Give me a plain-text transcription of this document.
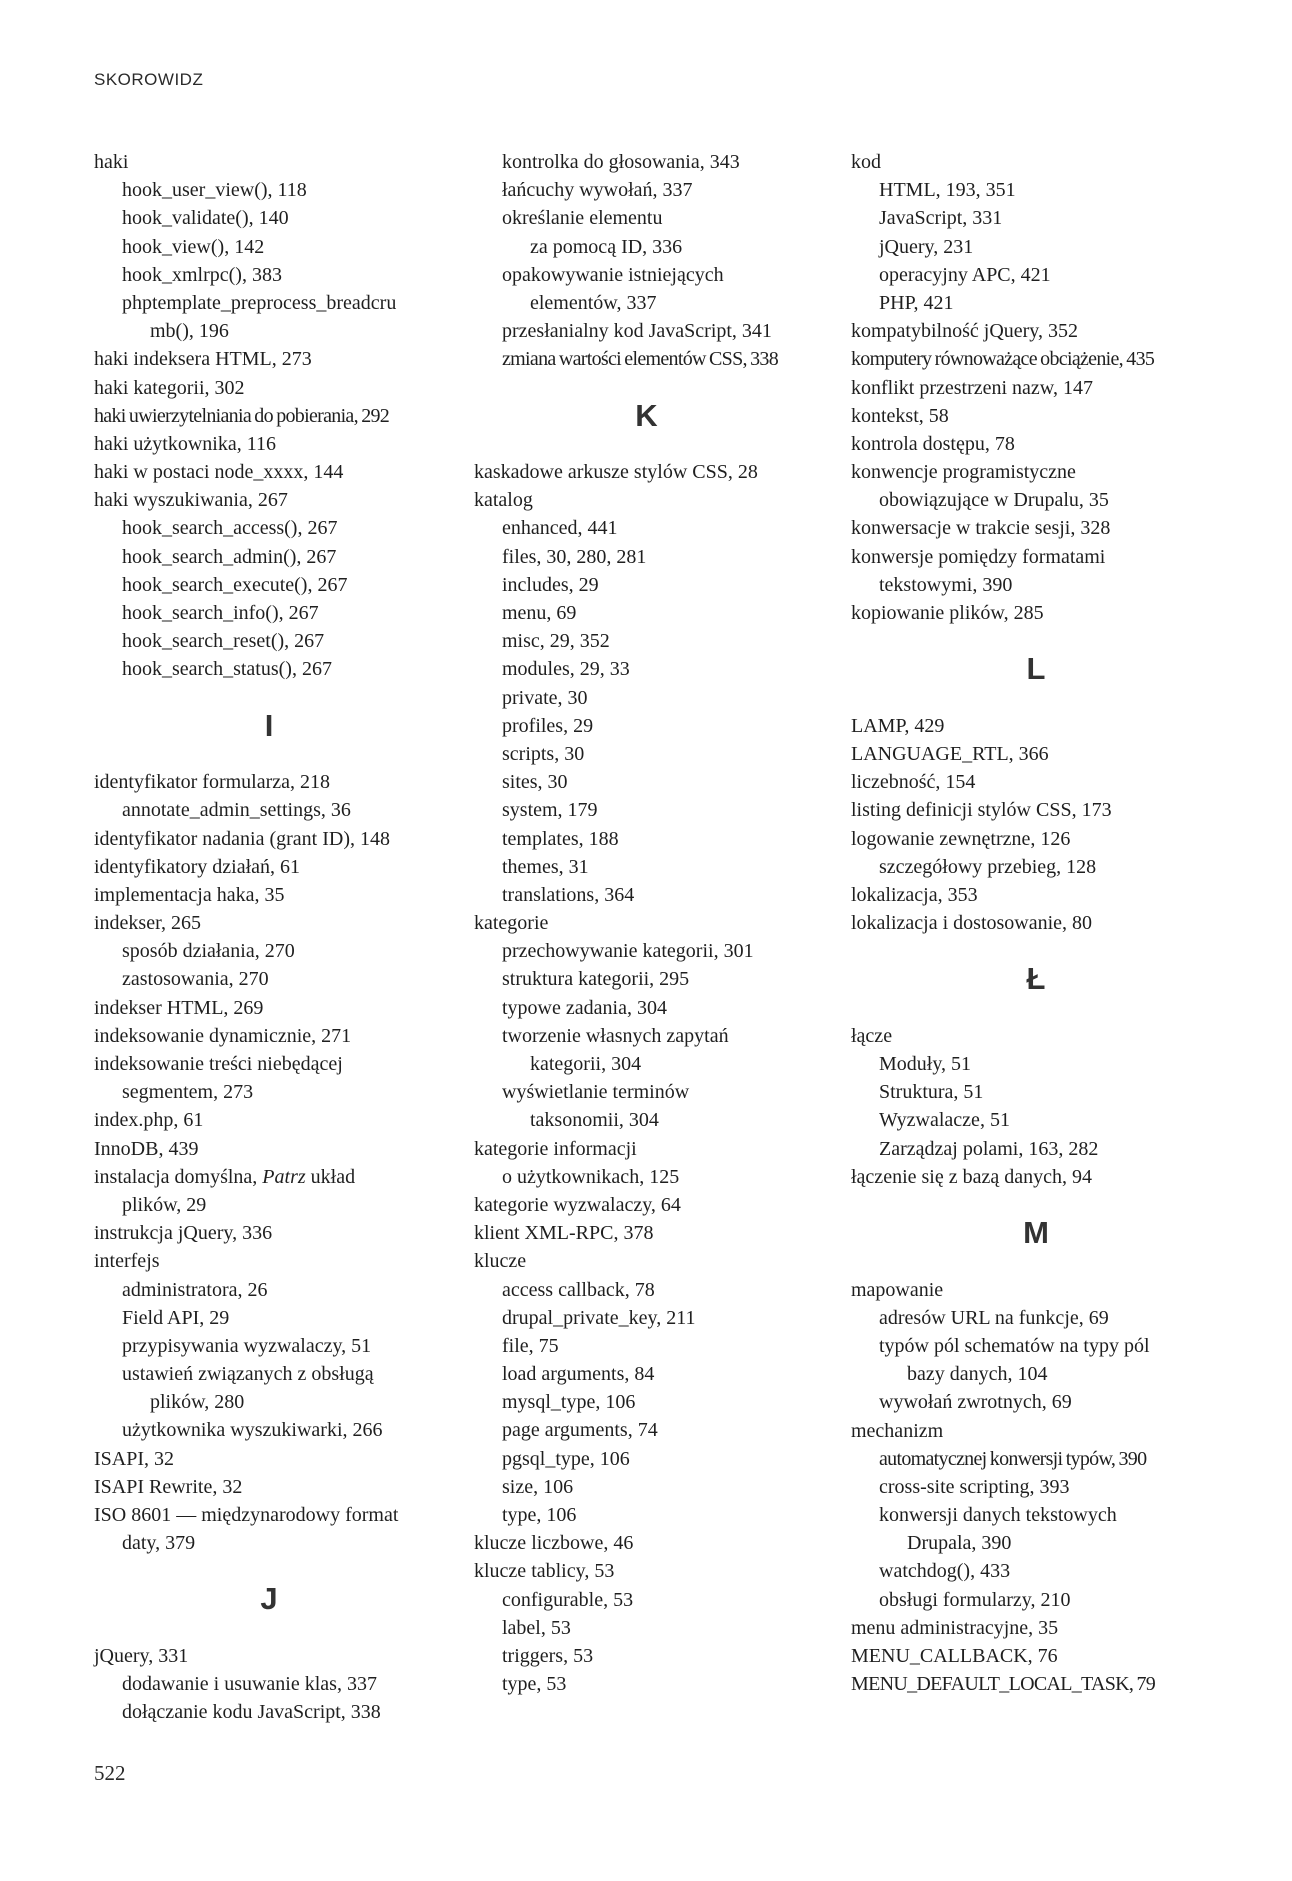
SKOROWIDZ
haki
hook_user_view(), 118
hook_validate(), 140
hook_view(), 142
hook_xmlrpc(), 383
phptemplate_preprocess_breadcru
mb(), 196
haki indeksera HTML, 273
haki kategorii, 302
haki uwierzytelniania do pobierania, 292
haki użytkownika, 116
haki w postaci node_xxxx, 144
haki wyszukiwania, 267
hook_search_access(), 267
hook_search_admin(), 267
hook_search_execute(), 267
hook_search_info(), 267
hook_search_reset(), 267
hook_search_status(), 267
I
identyfikator formularza, 218
annotate_admin_settings, 36
identyfikator nadania (grant ID), 148
identyfikatory działań, 61
implementacja haka, 35
indekser, 265
sposób działania, 270
zastosowania, 270
indekser HTML, 269
indeksowanie dynamicznie, 271
indeksowanie treści niebędącej
segmentem, 273
index.php, 61
InnoDB, 439
instalacja domyślna, Patrz układ
plików, 29
instrukcja jQuery, 336
interfejs
administratora, 26
Field API, 29
przypisywania wyzwalaczy, 51
ustawień związanych z obsługą
plików, 280
użytkownika wyszukiwarki, 266
ISAPI, 32
ISAPI Rewrite, 32
ISO 8601 — międzynarodowy format
daty, 379
J
jQuery, 331
dodawanie i usuwanie klas, 337
dołączanie kodu JavaScript, 338
kontrolka do głosowania, 343
łańcuchy wywołań, 337
określanie elementu
za pomocą ID, 336
opakowywanie istniejących
elementów, 337
przesłanialny kod JavaScript, 341
zmiana wartości elementów CSS, 338
K
kaskadowe arkusze stylów CSS, 28
katalog
enhanced, 441
files, 30, 280, 281
includes, 29
menu, 69
misc, 29, 352
modules, 29, 33
private, 30
profiles, 29
scripts, 30
sites, 30
system, 179
templates, 188
themes, 31
translations, 364
kategorie
przechowywanie kategorii, 301
struktura kategorii, 295
typowe zadania, 304
tworzenie własnych zapytań
kategorii, 304
wyświetlanie terminów
taksonomii, 304
kategorie informacji
o użytkownikach, 125
kategorie wyzwalaczy, 64
klient XML-RPC, 378
klucze
access callback, 78
drupal_private_key, 211
file, 75
load arguments, 84
mysql_type, 106
page arguments, 74
pgsql_type, 106
size, 106
type, 106
klucze liczbowe, 46
klucze tablicy, 53
configurable, 53
label, 53
triggers, 53
type, 53
kod
HTML, 193, 351
JavaScript, 331
jQuery, 231
operacyjny APC, 421
PHP, 421
kompatybilność jQuery, 352
komputery równoważące obciążenie, 435
konflikt przestrzeni nazw, 147
kontekst, 58
kontrola dostępu, 78
konwencje programistyczne
obowiązujące w Drupalu, 35
konwersacje w trakcie sesji, 328
konwersje pomiędzy formatami
tekstowymi, 390
kopiowanie plików, 285
L
LAMP, 429
LANGUAGE_RTL, 366
liczebność, 154
listing definicji stylów CSS, 173
logowanie zewnętrzne, 126
szczegółowy przebieg, 128
lokalizacja, 353
lokalizacja i dostosowanie, 80
Ł
łącze
Moduły, 51
Struktura, 51
Wyzwalacze, 51
Zarządzaj polami, 163, 282
łączenie się z bazą danych, 94
M
mapowanie
adresów URL na funkcje, 69
typów pól schematów na typy pól
bazy danych, 104
wywołań zwrotnych, 69
mechanizm
automatycznej konwersji typów, 390
cross-site scripting, 393
konwersji danych tekstowych
Drupala, 390
watchdog(), 433
obsługi formularzy, 210
menu administracyjne, 35
MENU_CALLBACK, 76
MENU_DEFAULT_LOCAL_TASK, 79
522
